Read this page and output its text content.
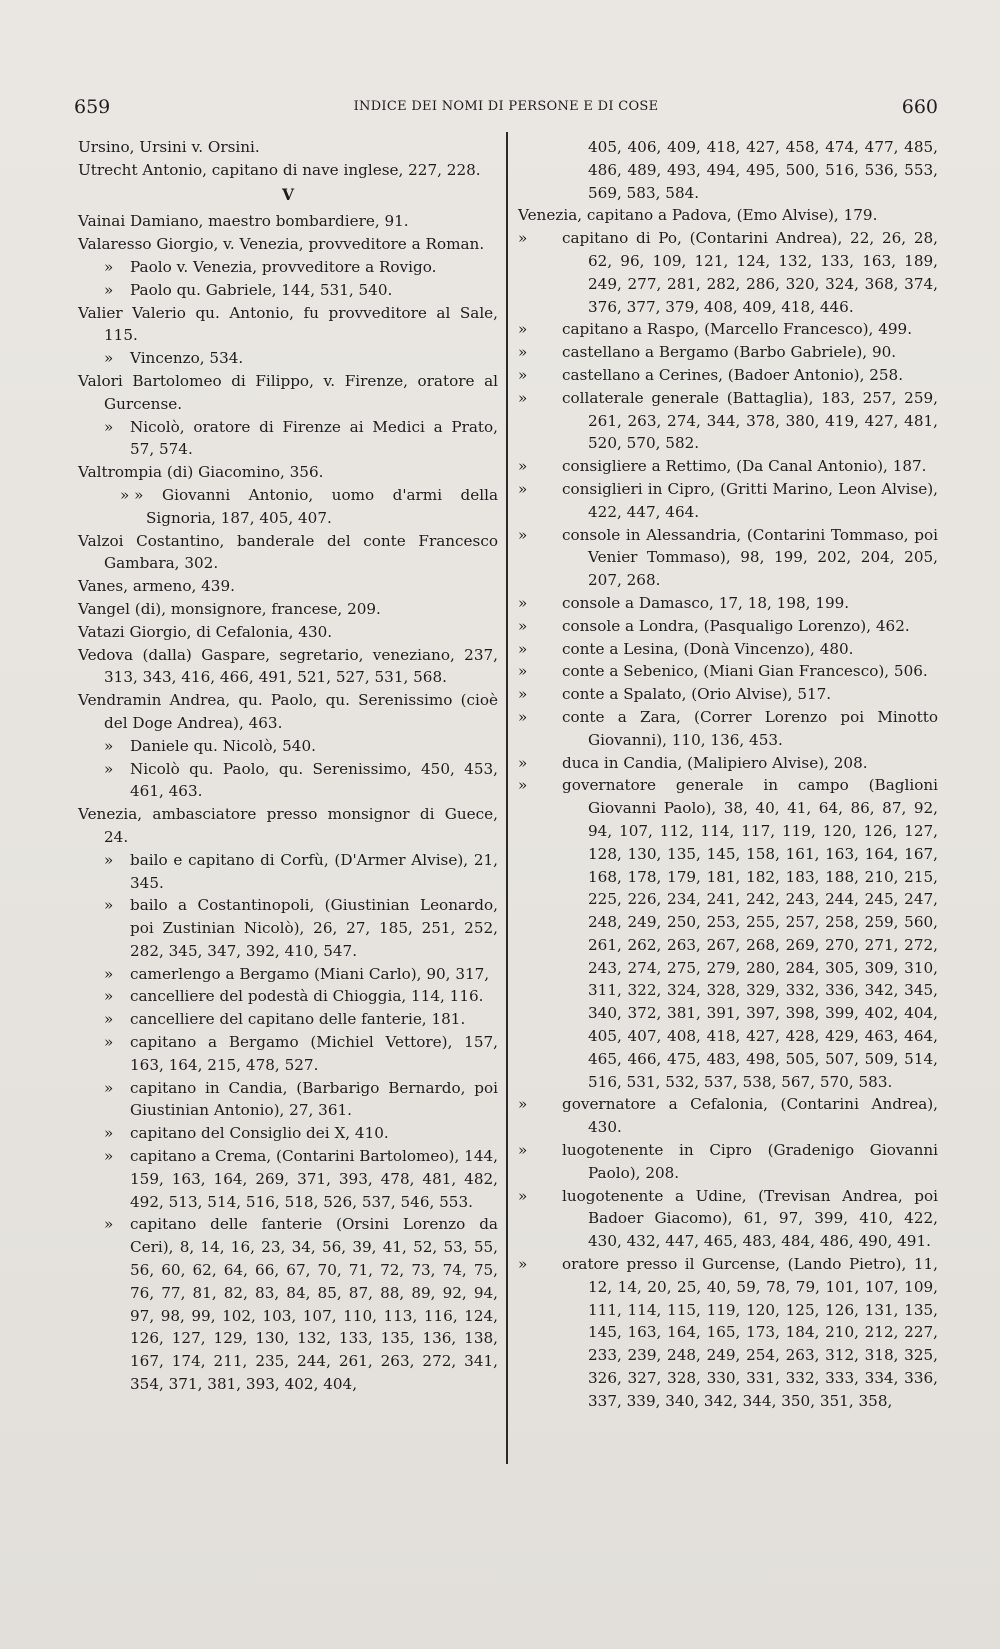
659	INDICE DEI NOMI DI PERSONE E DI COSE	660

Ursino, Ursini v. Orsini.

Utrecht Antonio, capitano di nave inglese, 227, 228.

V

Vainai Damiano, maestro bombardiere, 91.

Valaresso Giorgio, v. Venezia, provveditore a Roman.

» Paolo v. Venezia, provveditore a Rovigo.

» Paolo qu. Gabriele, 144, 531, 540.

Valier Valerio qu. Antonio, fu provveditore al Sale, 115.

» Vincenzo, 534.

Valori Bartolomeo di Filippo, v. Firenze, oratore al Gurcense.

» Nicolò, oratore di Firenze ai Medici a Prato, 57, 574.

Valtrompia (di) Giacomino, 356.

» » Giovanni Antonio, uomo d'armi della Signoria, 187, 405, 407.

Valzoi Costantino, banderale del conte Francesco Gambara, 302.

Vanes, armeno, 439.

Vangel (di), monsignore, francese, 209.

Vatazi Giorgio, di Cefalonia, 430.

Vedova (dalla) Gaspare, segretario, veneziano, 237, 313, 343, 416, 466, 491, 521, 527, 531, 568.

Vendramin Andrea, qu. Paolo, qu. Serenissimo (cioè del Doge Andrea), 463.

» Daniele qu. Nicolò, 540.

» Nicolò qu. Paolo, qu. Serenissimo, 450, 453, 461, 463.

Venezia, ambasciatore presso monsignor di Guece, 24.

» bailo e capitano di Corfù, (D'Armer Alvise), 21, 345.

» bailo a Costantinopoli, (Giustinian Leonardo, poi Zustinian Nicolò), 26, 27, 185, 251, 252, 282, 345, 347, 392, 410, 547.

» camerlengo a Bergamo (Miani Carlo), 90, 317,

» cancelliere del podestà di Chioggia, 114, 116.

» cancelliere del capitano delle fanterie, 181.

» capitano a Bergamo (Michiel Vettore), 157, 163, 164, 215, 478, 527.

» capitano in Candia, (Barbarigo Bernardo, poi Giustinian Antonio), 27, 361.

» capitano del Consiglio dei X, 410.

» capitano a Crema, (Contarini Bartolomeo), 144, 159, 163, 164, 269, 371, 393, 478, 481, 482, 492, 513, 514, 516, 518, 526, 537, 546, 553.

» capitano delle fanterie (Orsini Lorenzo da Ceri), 8, 14, 16, 23, 34, 56, 39, 41, 52, 53, 55, 56, 60, 62, 64, 66, 67, 70, 71, 72, 73, 74, 75, 76, 77, 81, 82, 83, 84, 85, 87, 88, 89, 92, 94, 97, 98, 99, 102, 103, 107, 110, 113, 116, 124, 126, 127, 129, 130, 132, 133, 135, 136, 138, 167, 174, 211, 235, 244, 261, 263, 272, 341, 354, 371, 381, 393, 402, 404,

405, 406, 409, 418, 427, 458, 474, 477, 485, 486, 489, 493, 494, 495, 500, 516, 536, 553, 569, 583, 584.

Venezia, capitano a Padova, (Emo Alvise), 179.

» capitano di Po, (Contarini Andrea), 22, 26, 28, 62, 96, 109, 121, 124, 132, 133, 163, 189, 249, 277, 281, 282, 286, 320, 324, 368, 374, 376, 377, 379, 408, 409, 418, 446.

» capitano a Raspo, (Marcello Francesco), 499.

» castellano a Bergamo (Barbo Gabriele), 90.

» castellano a Cerines, (Badoer Antonio), 258.

» collaterale generale (Battaglia), 183, 257, 259, 261, 263, 274, 344, 378, 380, 419, 427, 481, 520, 570, 582.

» consigliere a Rettimo, (Da Canal Antonio), 187.

» consiglieri in Cipro, (Gritti Marino, Leon Alvise), 422, 447, 464.

» console in Alessandria, (Contarini Tommaso, poi Venier Tommaso), 98, 199, 202, 204, 205, 207, 268.

» console a Damasco, 17, 18, 198, 199.

» console a Londra, (Pasqualigo Lorenzo), 462.

» conte a Lesina, (Donà Vincenzo), 480.

» conte a Sebenico, (Miani Gian Francesco), 506.

» conte a Spalato, (Orio Alvise), 517.

» conte a Zara, (Correr Lorenzo poi Minotto Giovanni), 110, 136, 453.

» duca in Candia, (Malipiero Alvise), 208.

» governatore generale in campo (Baglioni Giovanni Paolo), 38, 40, 41, 64, 86, 87, 92, 94, 107, 112, 114, 117, 119, 120, 126, 127, 128, 130, 135, 145, 158, 161, 163, 164, 167, 168, 178, 179, 181, 182, 183, 188, 210, 215, 225, 226, 234, 241, 242, 243, 244, 245, 247, 248, 249, 250, 253, 255, 257, 258, 259, 560, 261, 262, 263, 267, 268, 269, 270, 271, 272, 243, 274, 275, 279, 280, 284, 305, 309, 310, 311, 322, 324, 328, 329, 332, 336, 342, 345, 340, 372, 381, 391, 397, 398, 399, 402, 404, 405, 407, 408, 418, 427, 428, 429, 463, 464, 465, 466, 475, 483, 498, 505, 507, 509, 514, 516, 531, 532, 537, 538, 567, 570, 583.

» governatore a Cefalonia, (Contarini Andrea), 430.

» luogotenente in Cipro (Gradenigo Giovanni Paolo), 208.

» luogotenente a Udine, (Trevisan Andrea, poi Badoer Giacomo), 61, 97, 399, 410, 422, 430, 432, 447, 465, 483, 484, 486, 490, 491.

» oratore presso il Gurcense, (Lando Pietro), 11, 12, 14, 20, 25, 40, 59, 78, 79, 101, 107, 109, 111, 114, 115, 119, 120, 125, 126, 131, 135, 145, 163, 164, 165, 173, 184, 210, 212, 227, 233, 239, 248, 249, 254, 263, 312, 318, 325, 326, 327, 328, 330, 331, 332, 333, 334, 336, 337, 339, 340, 342, 344, 350, 351, 358,
